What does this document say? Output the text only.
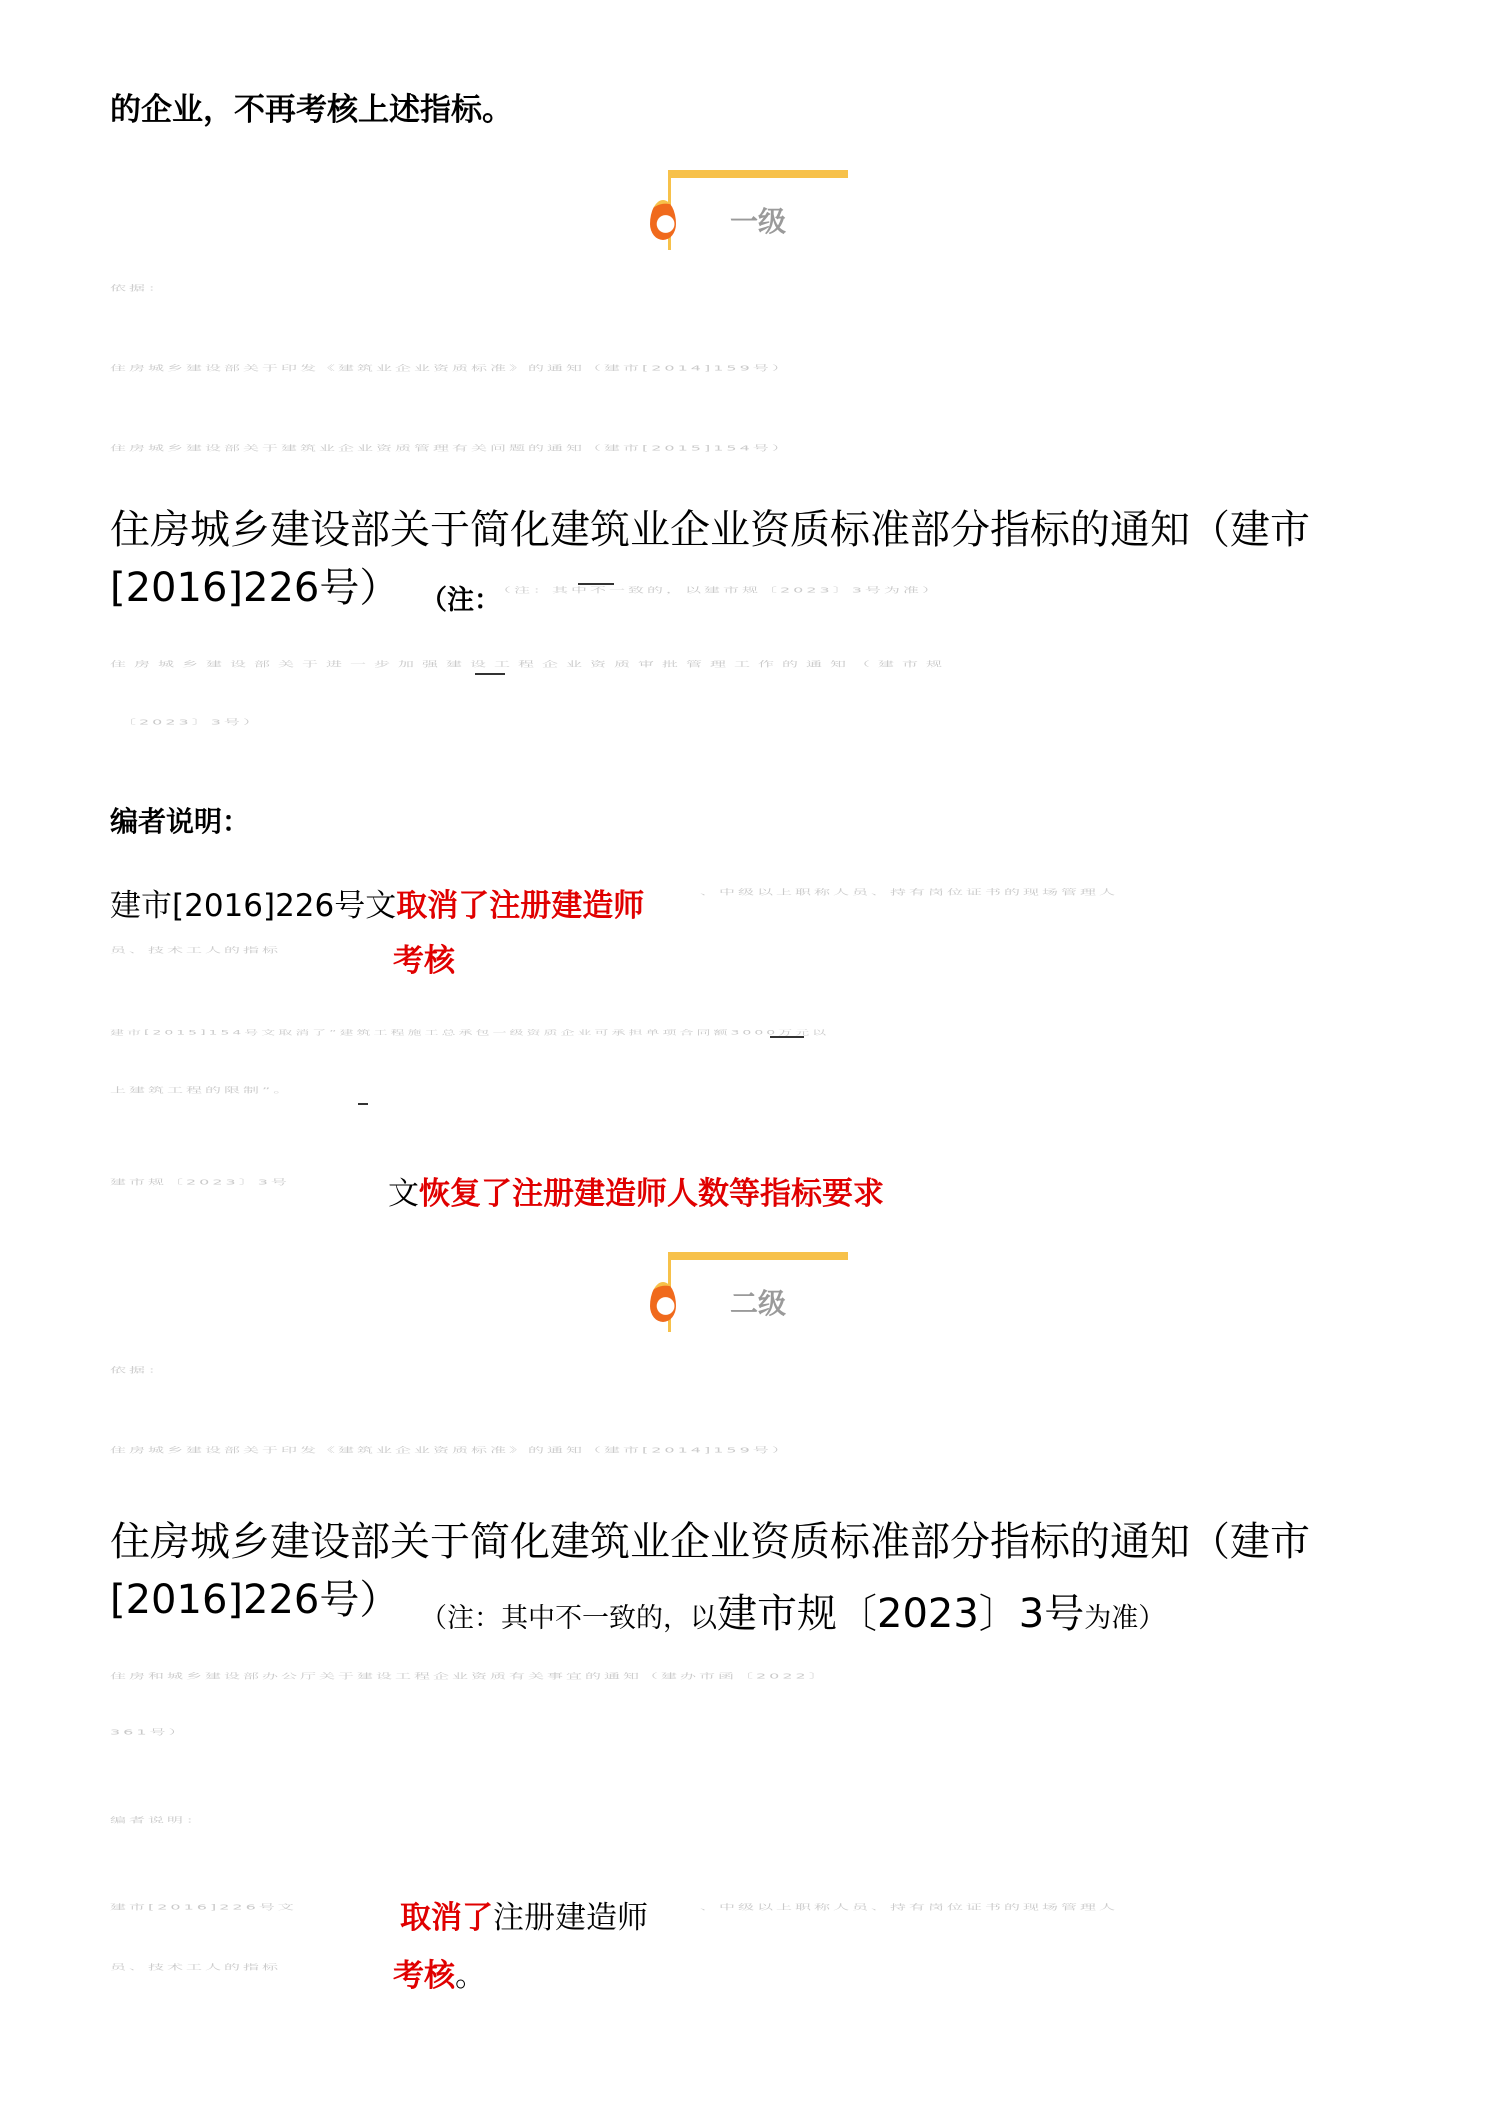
的企业，不再考核上述指标。
一级
依据：
住房城乡建设部关于印发《建筑业企业资质标准》的通知（建市[2014]159号）
住房城乡建设部关于建筑业企业资质管理有关问题的通知（建市[2015]154号）
住房城乡建设部关于简化建筑业企业资质标准部分指标的通知（建市
[2016]226号） （注：
（注：其中不一致的，以建市规〔2023〕3号为准）
住房城乡建设部关于进一步加强建设工程企业资质审批管理工作的通知（建市规
〔2023〕3号）
编者说明：
建市[2016]226号文取消了注册建造师	、中级以上职称人员、持有岗位证书的现场管理人
员、技术工人的指标	考核
建市[2015]154号文取消了“建筑工程施工总承包一级资质企业可承担单项合同额3000万元以
上建筑工程的限制”。
建市规〔2023〕3号	文恢复了注册建造师人数等指标要求
二级
依据：
住房城乡建设部关于印发《建筑业企业资质标准》的通知（建市[2014]159号）
住房城乡建设部关于简化建筑业企业资质标准部分指标的通知（建市
[2016]226号） （注：其中不一致的，以建市规〔2023〕3号为准）
住房和城乡建设部办公厅关于建设工程企业资质有关事宜的通知（建办市函〔2022〕
361号）
编者说明：
建市[2016]226号文	取消了注册建造师	、中级以上职称人员、持有岗位证书的现场管理人
员、技术工人的指标	考核。
